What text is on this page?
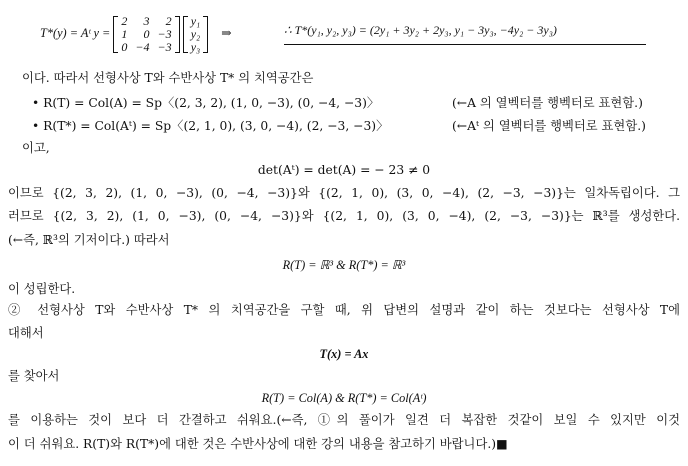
T*(y) = Aᵗ y =
2	3	2
1	0	−3
0	−4	−3

y₁
y₂
y₃
⇒	∴ T*(y₁, y₂, y₃) = (2y₁ + 3y₂ + 2y₃, y₁ − 3y₃, −4y₂ − 3y₃)
이다. 따라서 선형사상 T와 수반사상 T* 의 치역공간은
• R(T) = Col(A) = Sp〈(2, 3, 2), (1, 0, −3), (0, −4, −3)〉	(←A 의 열벡터를 행벡터로 표현함.)
• R(T*) = Col(Aᵗ) = Sp〈(2, 1, 0), (3, 0, −4), (2, −3, −3)〉	(←Aᵗ 의 열벡터를 행벡터로 표현함.)
이고,
det(Aᵗ) = det(A) = − 23 ≠ 0
이므로 {(2, 3, 2), (1, 0, −3), (0, −4, −3)}와 {(2, 1, 0), (3, 0, −4), (2, −3, −3)}는 일차독립이다. 그
러므로 {(2, 3, 2), (1, 0, −3), (0, −4, −3)}와 {(2, 1, 0), (3, 0, −4), (2, −3, −3)}는 ℝ³를 생성한다.
(←즉, ℝ³의 기저이다.) 따라서
R(T) = ℝ³ & R(T*) = ℝ³
이 성립한다.
② 선형사상 T와 수반사상 T* 의 치역공간을 구할 때, 위 답변의 설명과 같이 하는 것보다는 선형사상 T에
대해서
T(x) = Ax
를 찾아서
R(T) = Col(A) & R(T*) = Col(Aᵗ)
를 이용하는 것이 보다 더 간결하고 쉬워요.(←즉, ①의 풀이가 일견 더 복잡한 것같이 보일 수 있지만 이것
이 더 쉬워요. R(T)와 R(T*)에 대한 것은 수반사상에 대한 강의 내용을 참고하기 바랍니다.)■
